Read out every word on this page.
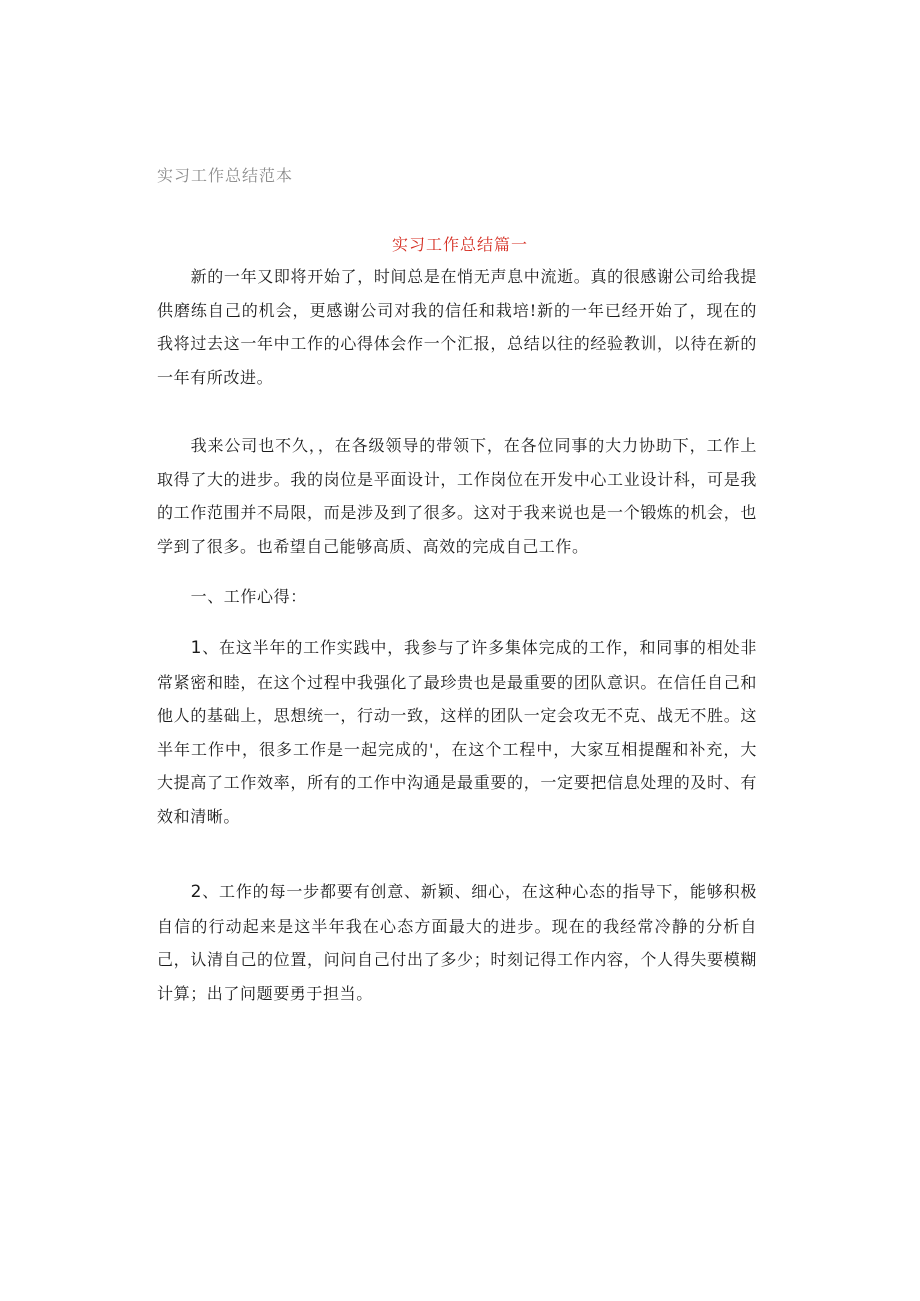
实习工作总结范本
实习工作总结篇一

新的一年又即将开始了，时间总是在悄无声息中流逝。真的很感谢公司给我提供磨练自己的机会，更感谢公司对我的信任和栽培!新的一年已经开始了，现在的我将过去这一年中工作的心得体会作一个汇报，总结以往的经验教训，以待在新的一年有所改进。

我来公司也不久，，在各级领导的带领下，在各位同事的大力协助下，工作上取得了大的进步。我的岗位是平面设计，工作岗位在开发中心工业设计科，可是我的工作范围并不局限，而是涉及到了很多。这对于我来说也是一个锻炼的机会，也学到了很多。也希望自己能够高质、高效的完成自己工作。

一、工作心得：

1、在这半年的工作实践中，我参与了许多集体完成的工作，和同事的相处非常紧密和睦，在这个过程中我强化了最珍贵也是最重要的团队意识。在信任自己和他人的基础上，思想统一，行动一致，这样的团队一定会攻无不克、战无不胜。这半年工作中，很多工作是一起完成的'，在这个工程中，大家互相提醒和补充，大大提高了工作效率，所有的工作中沟通是最重要的，一定要把信息处理的及时、有效和清晰。

2、工作的每一步都要有创意、新颖、细心，在这种心态的指导下，能够积极自信的行动起来是这半年我在心态方面最大的进步。现在的我经常冷静的分析自己，认清自己的位置，问问自己付出了多少；时刻记得工作内容，个人得失要模糊计算；出了问题要勇于担当。
